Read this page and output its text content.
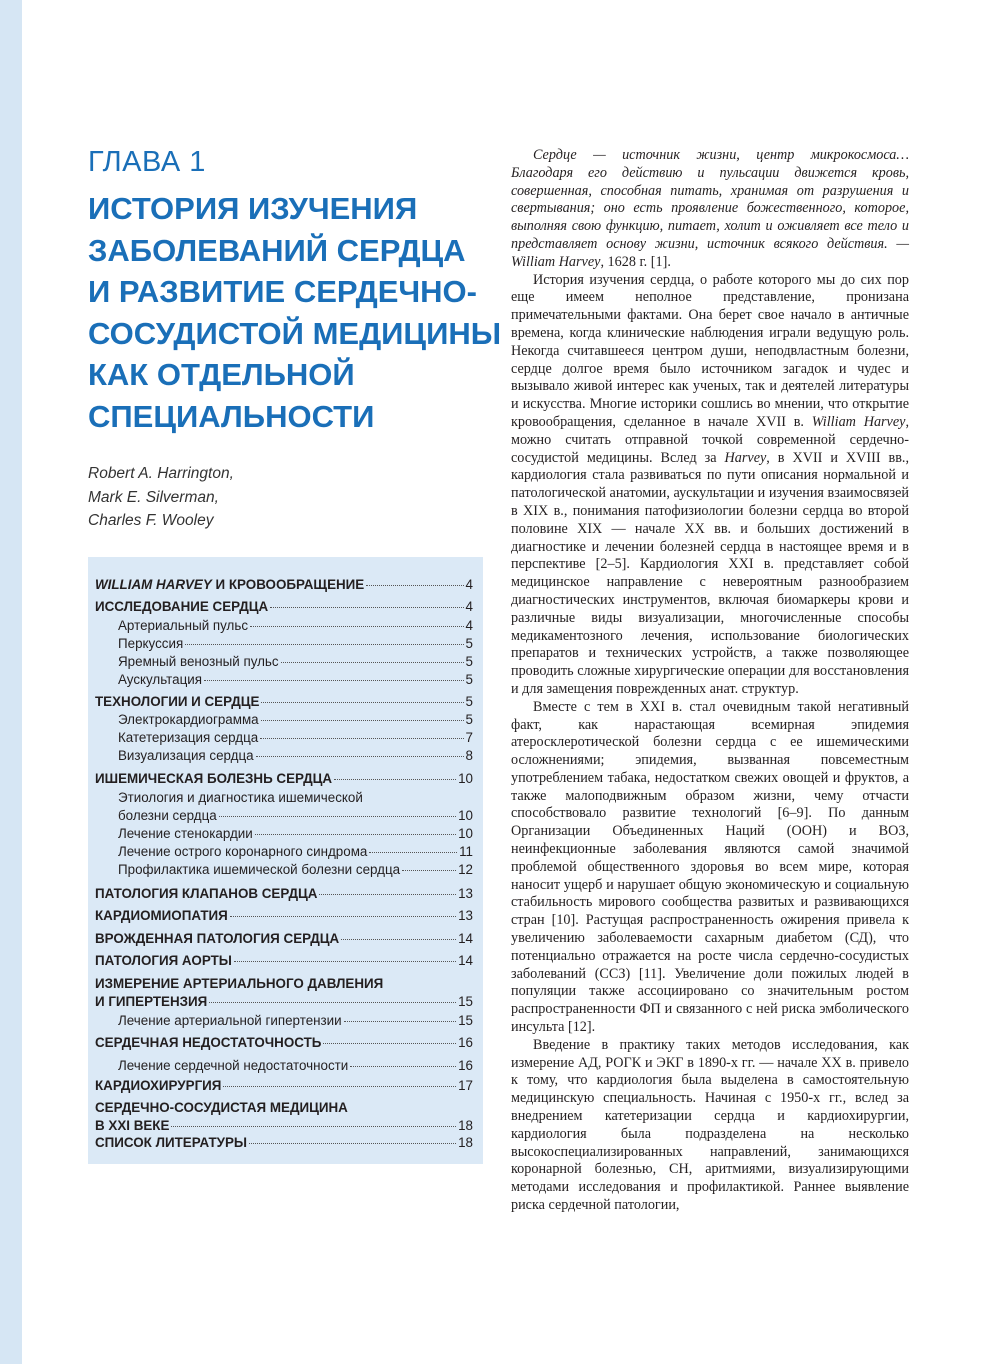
ГЛАВА 1
ИСТОРИЯ ИЗУЧЕНИЯ
ЗАБОЛЕВАНИЙ СЕРДЦА
И РАЗВИТИЕ СЕРДЕЧНО-
СОСУДИСТОЙ МЕДИЦИНЫ
КАК ОТДЕЛЬНОЙ
СПЕЦИАЛЬНОСТИ
Robert A. Harrington,
Mark E. Silverman,
Charles F. Wooley
WILLIAM HARVEY И КРОВООБРАЩЕНИЕ	4
ИССЛЕДОВАНИЕ СЕРДЦА	4
Артериальный пульс	4
Перкуссия	5
Яремный венозный пульс	5
Аускультация	5
ТЕХНОЛОГИИ И СЕРДЦЕ	5
Электрокардиограмма	5
Катетеризация сердца	7
Визуализация сердца	8
ИШЕМИЧЕСКАЯ БОЛЕЗНЬ СЕРДЦА	10
Этиология и диагностика ишемической
болезни сердца	10
Лечение стенокардии	10
Лечение острого коронарного синдрома	11
Профилактика ишемической болезни сердца	12
ПАТОЛОГИЯ КЛАПАНОВ СЕРДЦА	13
КАРДИОМИОПАТИЯ	13
ВРОЖДЕННАЯ ПАТОЛОГИЯ СЕРДЦА	14
ПАТОЛОГИЯ АОРТЫ	14
ИЗМЕРЕНИЕ АРТЕРИАЛЬНОГО ДАВЛЕНИЯ
И ГИПЕРТЕНЗИЯ	15
Лечение артериальной гипертензии	15
СЕРДЕЧНАЯ НЕДОСТАТОЧНОСТЬ	16
Лечение сердечной недостаточности	16
КАРДИОХИРУРГИЯ	17
СЕРДЕЧНО-СОСУДИСТАЯ МЕДИЦИНА
В XXI ВЕКЕ	18
СПИСОК ЛИТЕРАТУРЫ	18

Сердце — источник жизни, центр микрокосмоса… Благодаря его действию и пульсации движется кровь, совершенная, способная питать, хранимая от разрушения и свертывания; оно есть проявление божественного, которое, выполняя свою функцию, питает, холит и оживляет все тело и представляет основу жизни, источник всякого действия. — William Harvey, 1628 г. [1].

История изучения сердца, о работе которого мы до сих пор еще имеем неполное представление, пронизана примечательными фактами. Она берет свое начало в античные времена, когда клинические наблюдения играли ведущую роль. Некогда считавшееся центром души, неподвластным болезни, сердце долгое время было источником загадок и чудес и вызывало живой интерес как ученых, так и деятелей литературы и искусства. Многие историки сошлись во мнении, что открытие кровообращения, сделанное в начале XVII в. William Harvey, можно считать отправной точкой современной сердечно-сосудистой медицины. Вслед за Harvey, в XVII и XVIII вв., кардиология стала развиваться по пути описания нормальной и патологической анатомии, аускультации и изучения взаимосвязей в XIX в., понимания патофизиологии болезни сердца во второй половине XIX — начале XX вв. и больших достижений в диагностике и лечении болезней сердца в настоящее время и в перспективе [2–5]. Кардиология XXI в. представляет собой медицинское направление с невероятным разнообразием диагностических инструментов, включая биомаркеры крови и различные виды визуализации, многочисленные способы медикаментозного лечения, использование биологических препаратов и технических устройств, а также позволяющее проводить сложные хирургические операции для восстановления и для замещения поврежденных анат. структур.

Вместе с тем в XXI в. стал очевидным такой негативный факт, как нарастающая всемирная эпидемия атеросклеротической болезни сердца с ее ишемическими осложнениями; эпидемия, вызванная повсеместным употреблением табака, недостатком свежих овощей и фруктов, а также малоподвижным образом жизни, чему отчасти способствовало развитие технологий [6–9]. По данным Организации Объединенных Наций (ООН) и ВОЗ, неинфекционные заболевания являются самой значимой проблемой общественного здоровья во всем мире, которая наносит ущерб и нарушает общую экономическую и социальную стабильность мирового сообщества развитых и развивающихся стран [10]. Растущая распространенность ожирения привела к увеличению заболеваемости сахарным диабетом (СД), что потенциально отражается на росте числа сердечно-сосудистых заболеваний (ССЗ) [11]. Увеличение доли пожилых людей в популяции также ассоциировано со значительным ростом распространенности ФП и связанного с ней риска эмболического инсульта [12].

Введение в практику таких методов исследования, как измерение АД, РОГК и ЭКГ в 1890-х гг. — начале XX в. привело к тому, что кардиология была выделена в самостоятельную медицинскую специальность. Начиная с 1950-х гг., вслед за внедрением катетеризации сердца и кардиохирургии, кардиология была подразделена на несколько высокоспециализированных направлений, занимающихся коронарной болезнью, СН, аритмиями, визуализирующими методами исследования и профилактикой. Раннее выявление риска сердечной патологии,
